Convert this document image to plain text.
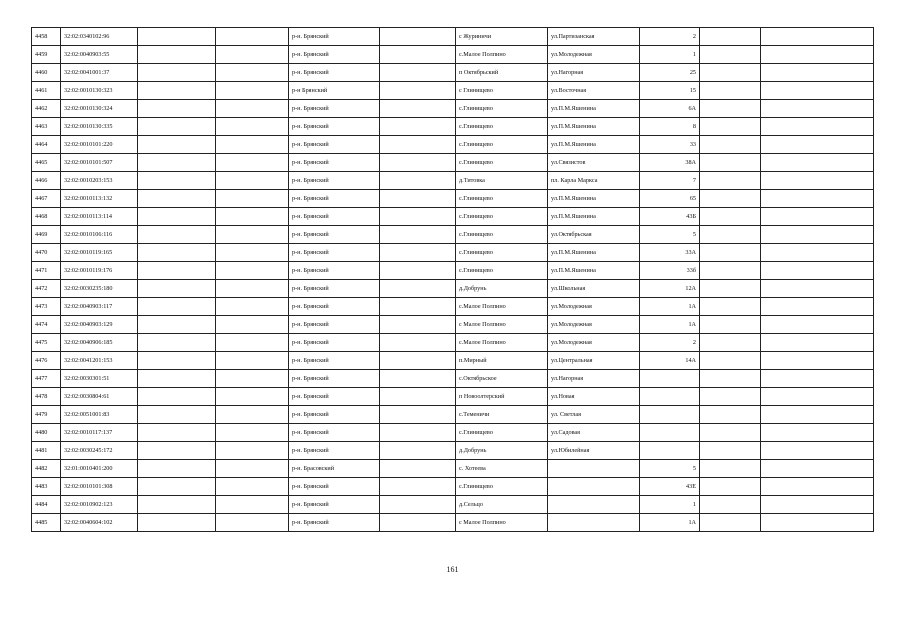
4458	32:02:0340102:96			р-н. Брянский		с Журиничи	ул.Партизанская	2		
4459	32:02:0040903:55			р-н. Брянский		с.Малое Полпино	ул.Молодежная	1		
4460	32:02:0041001:37			р-н. Брянский		п Октябрьский	ул.Нагорная	25		
4461	32:02:0010130:323			р-н Брянский		с Глинищево	ул.Восточная	15		
4462	32:02:0010130:324			р-н. Брянский		с.Глинищево	ул.П.М.Яшенина	6А		
4463	32:02:0010130:335			р-н. Брянский		с.Глинищево	ул.П.М.Яшенина	8		
4464	32:02:0010101:220			р-н. Брянский		с.Глинищево	ул.П.М.Яшенина	33		
4465	32:02:0010101:507			р-н. Брянский		с.Глинищево	ул.Связистов	38А		
4466	32:02:0010203:153			р-н. Брянский		д.Титовка	пл. Карла Маркса	7		
4467	32:02:0010113:132			р-н. Брянский		с.Глинищево	ул.П.М.Яшенина	65		
4468	32:02:0010113:114			р-н. Брянский		с.Глинищево	ул.П.М.Яшенина	43Б		
4469	32:02:0010106:116			р-н. Брянский		с.Глинищево	ул.Октябрьская	5		
4470	32:02:0010119:165			р-н. Брянский		с.Глинищево	ул.П.М.Яшенина	33А		
4471	32:02:0010119:176			р-н. Брянский		с.Глинищево	ул.П.М.Яшенина	33б		
4472	32:02:0030235:180			р-н. Брянский		д.Добрунь	ул.Школьная	12А		
4473	32:02:0040903:117			р-н. Брянский		с.Малое Полпино	ул.Молодежная	1А		
4474	32:02:0040903:129			р-н. Брянский		с Малое Полпино	ул.Молодежная	1А		
4475	32:02:0040906:185			р-н. Брянский		с.Малое Полпино	ул.Молодежная	2		
4476	32:02:0041201:153			р-н. Брянский		п.Мирный	ул.Центральная	14А		
4477	32:02:0030301:51			р-н. Брянский		с.Октябрьское	ул.Нагорная			
4478	32:02:0030804:61			р-н. Брянский		п Новоолтерский	ул.Новая			
4479	32:02:0051001:83			р-н. Брянский		с.Теменичи	ул. Светлая			
4480	32:02:0010117:137			р-н. Брянский		с.Глинищево	ул.Садовая			
4481	32:02:0030245:172			р-н. Брянский		д.Добрунь	ул.Юбилейная			
4482	32:01:0010401:200			р-н. Брасовский		с. Хотеева		5		
4483	32:02:0010101:308			р-н. Брянский		с.Глинищево		43Е		
4484	32:02:0010902:123			р-н. Брянский		д.Сельцо		1		
4485	32:02:0040604:102			р-н. Брянский		с Малое Полпино		1А		
161
